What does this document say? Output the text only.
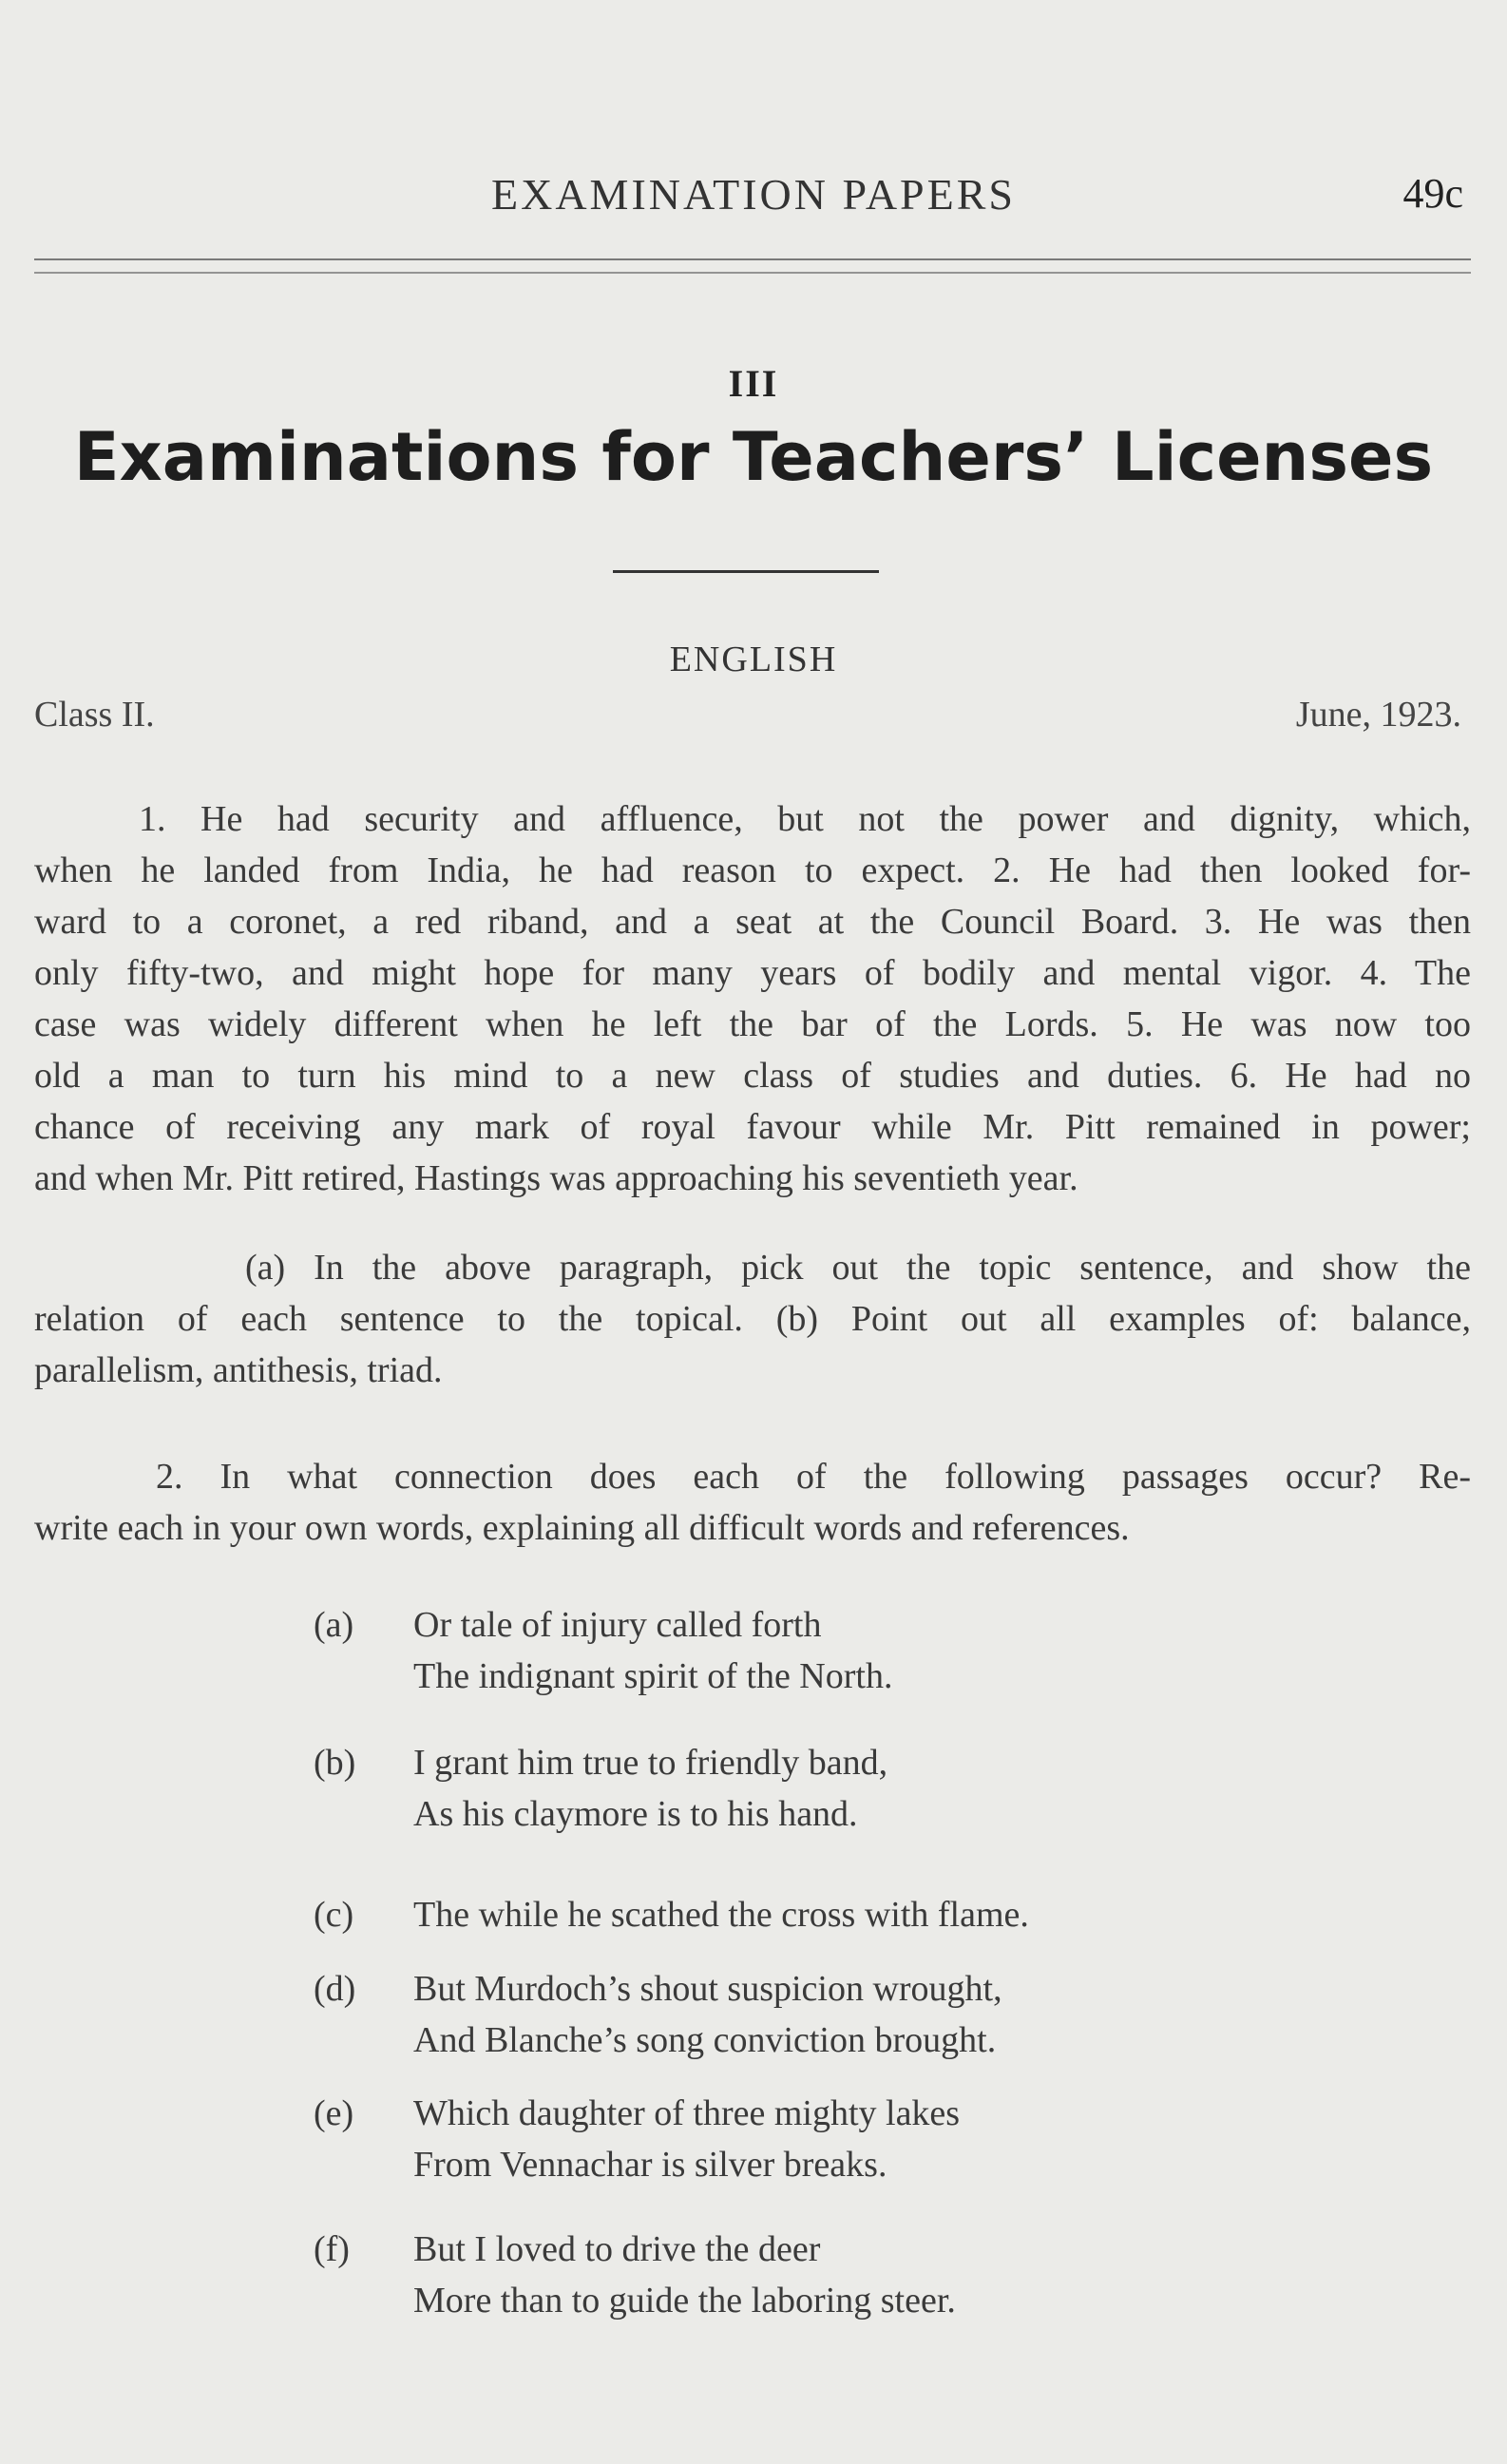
EXAMINATION PAPERS	49c
III
Examinations for Teachers’ Licenses
ENGLISH
Class II.	June, 1923.
1. He had security and affluence, but not the power and dignity, which,
when he landed from India, he had reason to expect. 2. He had then looked for-
ward to a coronet, a red riband, and a seat at the Council Board. 3. He was then
only fifty-two, and might hope for many years of bodily and mental vigor. 4. The
case was widely different when he left the bar of the Lords. 5. He was now too
old a man to turn his mind to a new class of studies and duties. 6. He had no
chance of receiving any mark of royal favour while Mr. Pitt remained in power;
and when Mr. Pitt retired, Hastings was approaching his seventieth year.
(a) In the above paragraph, pick out the topic sentence, and show the
relation of each sentence to the topical. (b) Point out all examples of: balance,
parallelism, antithesis, triad.
2. In what connection does each of the following passages occur? Re-
write each in your own words, explaining all difficult words and references.
(a)	Or tale of injury called forth
The indignant spirit of the North.
(b)	I grant him true to friendly band,
As his claymore is to his hand.
(c)	The while he scathed the cross with flame.
(d)	But Murdoch’s shout suspicion wrought,
And Blanche’s song conviction brought.
(e)	Which daughter of three mighty lakes
From Vennachar is silver breaks.
(f)	But I loved to drive the deer
More than to guide the laboring steer.
